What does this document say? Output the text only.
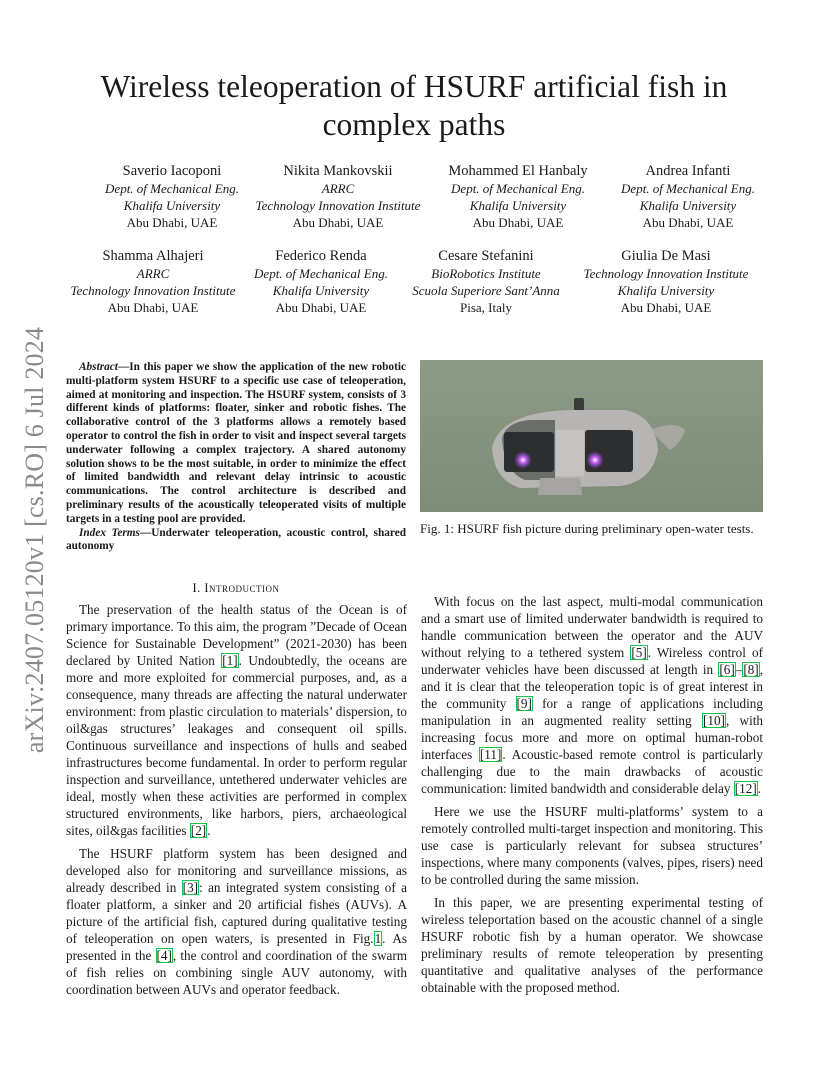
arXiv:2407.05120v1 [cs.RO] 6 Jul 2024
Wireless teleoperation of HSURF artificial fish in complex paths
Saverio Iacoponi
Dept. of Mechanical Eng.
Khalifa University
Abu Dhabi, UAE
Nikita Mankovskii
ARRC
Technology Innovation Institute
Abu Dhabi, UAE
Mohammed El Hanbaly
Dept. of Mechanical Eng.
Khalifa University
Abu Dhabi, UAE
Andrea Infanti
Dept. of Mechanical Eng.
Khalifa University
Abu Dhabi, UAE
Shamma Alhajeri
ARRC
Technology Innovation Institute
Abu Dhabi, UAE
Federico Renda
Dept. of Mechanical Eng.
Khalifa University
Abu Dhabi, UAE
Cesare Stefanini
BioRobotics Institute
Scuola Superiore Sant’Anna
Pisa, Italy
Giulia De Masi
Technology Innovation Institute
Khalifa University
Abu Dhabi, UAE

Abstract—In this paper we show the application of the new robotic multi-platform system HSURF to a specific use case of teleoperation, aimed at monitoring and inspection. The HSURF system, consists of 3 different kinds of platforms: floater, sinker and robotic fishes. The collaborative control of the 3 platforms allows a remotely based operator to control the fish in order to visit and inspect several targets underwater following a complex trajectory. A shared autonomy solution shows to be the most suitable, in order to minimize the effect of limited bandwidth and relevant delay intrinsic to acoustic communications. The control architecture is described and preliminary results of the acoustically teleoperated visits of multiple targets in a testing pool are provided.

Index Terms—Underwater teleoperation, acoustic control, shared autonomy

I. Introduction
Fig. 1: HSURF fish picture during preliminary open-water tests.

The preservation of the health status of the Ocean is of primary importance. To this aim, the program ”Decade of Ocean Science for Sustainable Development” (2021-2030) has been declared by United Nation [1]. Undoubtedly, the oceans are more and more exploited for commercial purposes, and, as a consequence, many threads are affecting the natural underwater environment: from plastic circulation to materials’ dispersion, to oil&gas structures’ leakages and consequent oil spills. Continuous surveillance and inspections of hulls and seabed infrastructures become fundamental. In order to perform regular inspection and surveillance, untethered underwater vehicles are ideal, mostly when these activities are performed in complex structured environments, like harbors, piers, archaeological sites, oil&gas facilities [2].

The HSURF platform system has been designed and developed also for monitoring and surveillance missions, as already described in [3]: an integrated system consisting of a floater platform, a sinker and 20 artificial fishes (AUVs). A picture of the artificial fish, captured during qualitative testing of teleoperation on open waters, is presented in Fig.1. As presented in the [4], the control and coordination of the swarm of fish relies on combining single AUV autonomy, with coordination between AUVs and operator feedback.

With focus on the last aspect, multi-modal communication and a smart use of limited underwater bandwidth is required to handle communication between the operator and the AUV without relying to a tethered system [5]. Wireless control of underwater vehicles have been discussed at length in [6]–[8], and it is clear that the teleoperation topic is of great interest in the community [9] for a range of applications including manipulation in an augmented reality setting [10], with increasing focus more and more on optimal human-robot interfaces [11]. Acoustic-based remote control is particularly challenging due to the main drawbacks of acoustic communication: limited bandwidth and considerable delay [12].

Here we use the HSURF multi-platforms’ system to a remotely controlled multi-target inspection and monitoring. This use case is particularly relevant for subsea structures’ inspections, where many components (valves, pipes, risers) need to be controlled during the same mission.

In this paper, we are presenting experimental testing of wireless teleportation based on the acoustic channel of a single HSURF robotic fish by a human operator. We showcase preliminary results of remote teleoperation by presenting quantitative and qualitative analyses of the performance obtainable with the proposed method.
